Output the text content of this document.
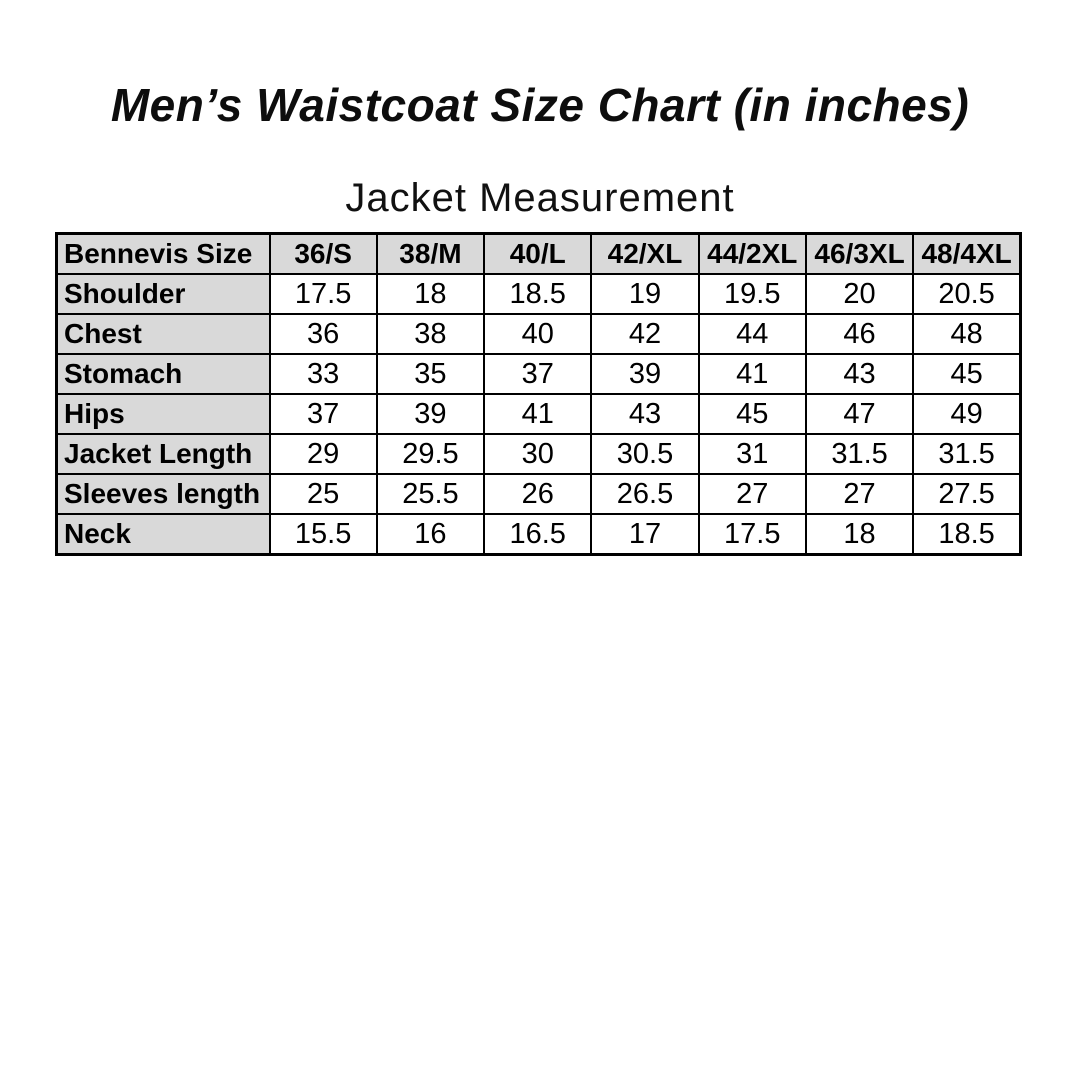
Men’s Waistcoat Size Chart (in inches)
Jacket Measurement
Bennevis Size	36/S	38/M	40/L	42/XL	44/2XL	46/3XL	48/4XL
Shoulder	17.5	18	18.5	19	19.5	20	20.5
Chest	36	38	40	42	44	46	48
Stomach	33	35	37	39	41	43	45
Hips	37	39	41	43	45	47	49
Jacket Length	29	29.5	30	30.5	31	31.5	31.5
Sleeves length	25	25.5	26	26.5	27	27	27.5
Neck	15.5	16	16.5	17	17.5	18	18.5
